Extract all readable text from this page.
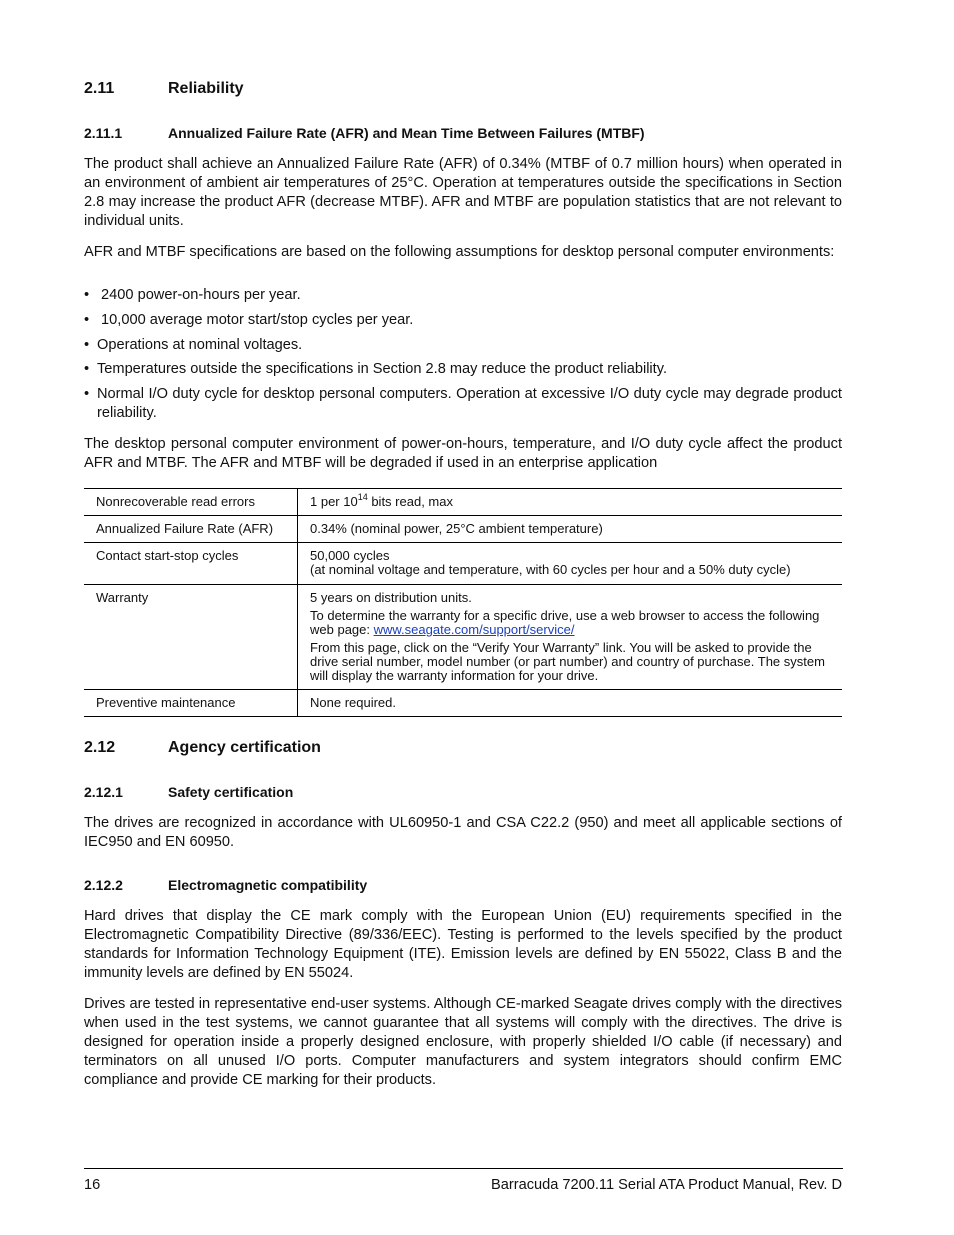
2.11	Reliability
2.11.1	Annualized Failure Rate (AFR) and Mean Time Between Failures (MTBF)

The product shall achieve an Annualized Failure Rate (AFR) of 0.34% (MTBF of 0.7 million hours) when operated in an environment of ambient air temperatures of 25°C. Operation at temperatures outside the specifications in Section 2.8 may increase the product AFR (decrease MTBF). AFR and MTBF are population statistics that are not relevant to individual units.

AFR and MTBF specifications are based on the following assumptions for desktop personal computer environments:

• 2400 power-on-hours per year.
• 10,000 average motor start/stop cycles per year.
• Operations at nominal voltages.
• Temperatures outside the specifications in Section 2.8 may reduce the product reliability.
• Normal I/O duty cycle for desktop personal computers. Operation at excessive I/O duty cycle may degrade product reliability.

The desktop personal computer environment of power-on-hours, temperature, and I/O duty cycle affect the product AFR and MTBF. The AFR and MTBF will be degraded if used in an enterprise application

Nonrecoverable read errors	1 per $10^{14}$ bits read, max
Annualized Failure Rate (AFR)	0.34% (nominal power, 25°C ambient temperature)
Contact start-stop cycles	50,000 cycles
(at nominal voltage and temperature, with 60 cycles per hour and a 50% duty cycle)
Warranty	5 years on distribution units.
To determine the warranty for a specific drive, use a web browser to access the following web page: www.seagate.com/support/service/
From this page, click on the “Verify Your Warranty” link. You will be asked to provide the drive serial number, model number (or part number) and country of purchase. The system will display the warranty information for your drive.

Preventive maintenance	None required.
2.12	Agency certification
2.12.1	Safety certification

The drives are recognized in accordance with UL60950-1 and CSA C22.2 (950) and meet all applicable sections of IEC950 and EN 60950.

2.12.2	Electromagnetic compatibility

Hard drives that display the CE mark comply with the European Union (EU) requirements specified in the Electromagnetic Compatibility Directive (89/336/EEC). Testing is performed to the levels specified by the product standards for Information Technology Equipment (ITE). Emission levels are defined by EN 55022, Class B and the immunity levels are defined by EN 55024.

Drives are tested in representative end-user systems. Although CE-marked Seagate drives comply with the directives when used in the test systems, we cannot guarantee that all systems will comply with the directives. The drive is designed for operation inside a properly designed enclosure, with properly shielded I/O cable (if necessary) and terminators on all unused I/O ports. Computer manufacturers and system integrators should confirm EMC compliance and provide CE marking for their products.

16	Barracuda 7200.11 Serial ATA Product Manual, Rev. D
